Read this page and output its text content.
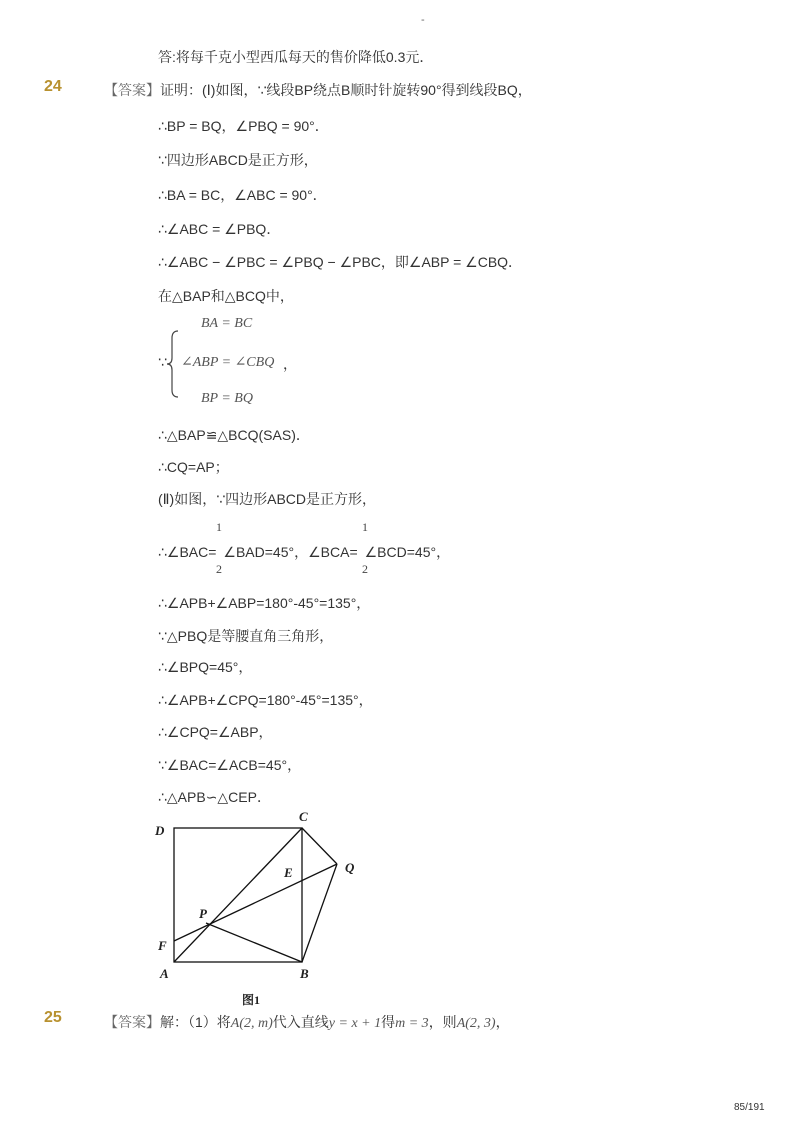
-
答:将每千克小型西瓜每天的售价降低0.3元．
24	【答案】证明：(Ⅰ)如图，∵线段BP绕点B顺时针旋转90°得到线段BQ，
∴BP = BQ，∠PBQ = 90°．
∵四边形ABCD是正方形，
∴BA = BC，∠ABC = 90°．
∴∠ABC = ∠PBQ．
∴∠ABC − ∠PBC = ∠PBQ − ∠PBC，即∠ABP = ∠CBQ．
在△BAP和△BCQ中，
∵
BA = BC
∠ABP = ∠CBQ ，
BP = BQ
∴△BAP≌△BCQ(SAS)．
∴CQ=AP；
(Ⅱ)如图，∵四边形ABCD是正方形，
1	1
∴∠BAC= ∠BAD=45°，∠BCA= ∠BCD=45°，
2	2
∴∠APB+∠ABP=180°-45°=135°，
∵△PBQ是等腰直角三角形，
∴∠BPQ=45°，
∴∠APB+∠CPQ=180°-45°=135°，
∴∠CPQ=∠ABP，
∵∠BAC=∠ACB=45°，
∴△APB∽△CEP．
D
C
Q
E
P
F
A	B
图1
25	【答案】解：（1）将A(2, m)代入直线y = x + 1得m = 3，则A(2, 3)，
85/191
